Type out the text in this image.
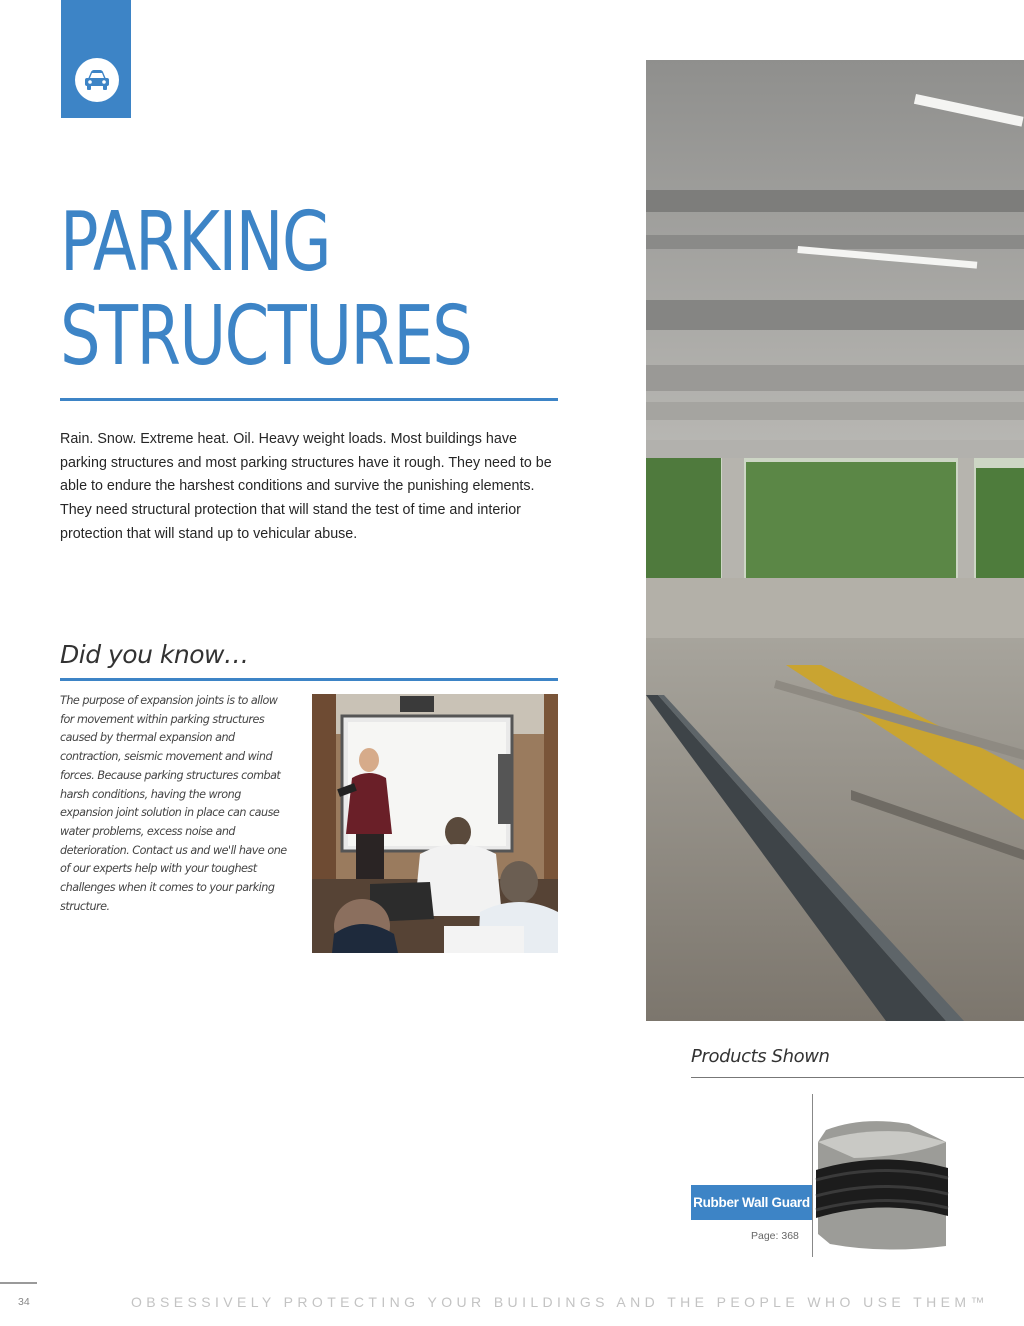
PARKING
STRUCTURES

Rain. Snow. Extreme heat. Oil. Heavy weight loads. Most buildings have parking structures and most parking structures have it rough. They need to be able to endure the harshest conditions and survive the punishing elements. They need structural protection that will stand the test of time and interior protection that will stand up to vehicular abuse.

Did you know…

The purpose of expansion joints is to allow for movement within parking structures caused by thermal expansion and contraction, seismic movement and wind forces. Because parking structures combat harsh conditions, having the wrong expansion joint solution in place can cause water problems, excess noise and deterioration. Contact us and we'll have one of our experts help with your toughest challenges when it comes to your parking structure.

Products Shown
Rubber Wall Guard
Page: 368
34	OBSESSIVELY PROTECTING YOUR BUILDINGS AND THE PEOPLE WHO USE THEM™
